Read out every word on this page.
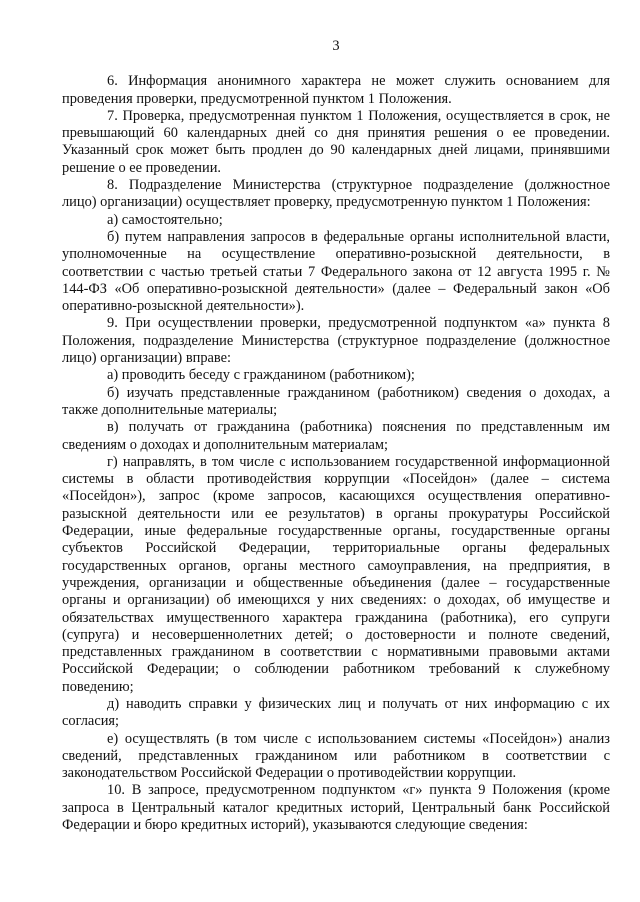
3

6. Информация анонимного характера не может служить основанием для проведения проверки, предусмотренной пунктом 1 Положения.

7. Проверка, предусмотренная пунктом 1 Положения, осуществляется в срок, не превышающий 60 календарных дней со дня принятия решения о ее проведении. Указанный срок может быть продлен до 90 календарных дней лицами, принявшими решение о ее проведении.

8. Подразделение Министерства (структурное подразделение (должностное лицо) организации) осуществляет проверку, предусмотренную пунктом 1 Положения:

а) самостоятельно;

б) путем направления запросов в федеральные органы исполнительной власти, уполномоченные на осуществление оперативно-розыскной деятельности, в соответствии с частью третьей статьи 7 Федерального закона от 12 августа 1995 г. № 144-ФЗ «Об оперативно-розыскной деятельности» (далее – Федеральный закон «Об оперативно-розыскной деятельности»).

9. При осуществлении проверки, предусмотренной подпунктом «а» пункта 8 Положения, подразделение Министерства (структурное подразделение (должностное лицо) организации) вправе:

а) проводить беседу с гражданином (работником);

б) изучать представленные гражданином (работником) сведения о доходах, а также дополнительные материалы;

в) получать от гражданина (работника) пояснения по представленным им сведениям о доходах и дополнительным материалам;

г) направлять, в том числе с использованием государственной информационной системы в области противодействия коррупции «Посейдон» (далее – система «Посейдон»), запрос (кроме запросов, касающихся осуществления оперативно-разыскной деятельности или ее результатов) в органы прокуратуры Российской Федерации, иные федеральные государственные органы, государственные органы субъектов Российской Федерации, территориальные органы федеральных государственных органов, органы местного самоуправления, на предприятия, в учреждения, организации и общественные объединения (далее – государственные органы и организации) об имеющихся у них сведениях: о доходах, об имуществе и обязательствах имущественного характера гражданина (работника), его супруги (супруга) и несовершеннолетних детей; о достоверности и полноте сведений, представленных гражданином в соответствии с нормативными правовыми актами Российской Федерации; о соблюдении работником требований к служебному поведению;

д) наводить справки у физических лиц и получать от них информацию с их согласия;

е) осуществлять (в том числе с использованием системы «Посейдон») анализ сведений, представленных гражданином или работником в соответствии с законодательством Российской Федерации о противодействии коррупции.

10. В запросе, предусмотренном подпунктом «г» пункта 9 Положения (кроме запроса в Центральный каталог кредитных историй, Центральный банк Российской Федерации и бюро кредитных историй), указываются следующие сведения:
